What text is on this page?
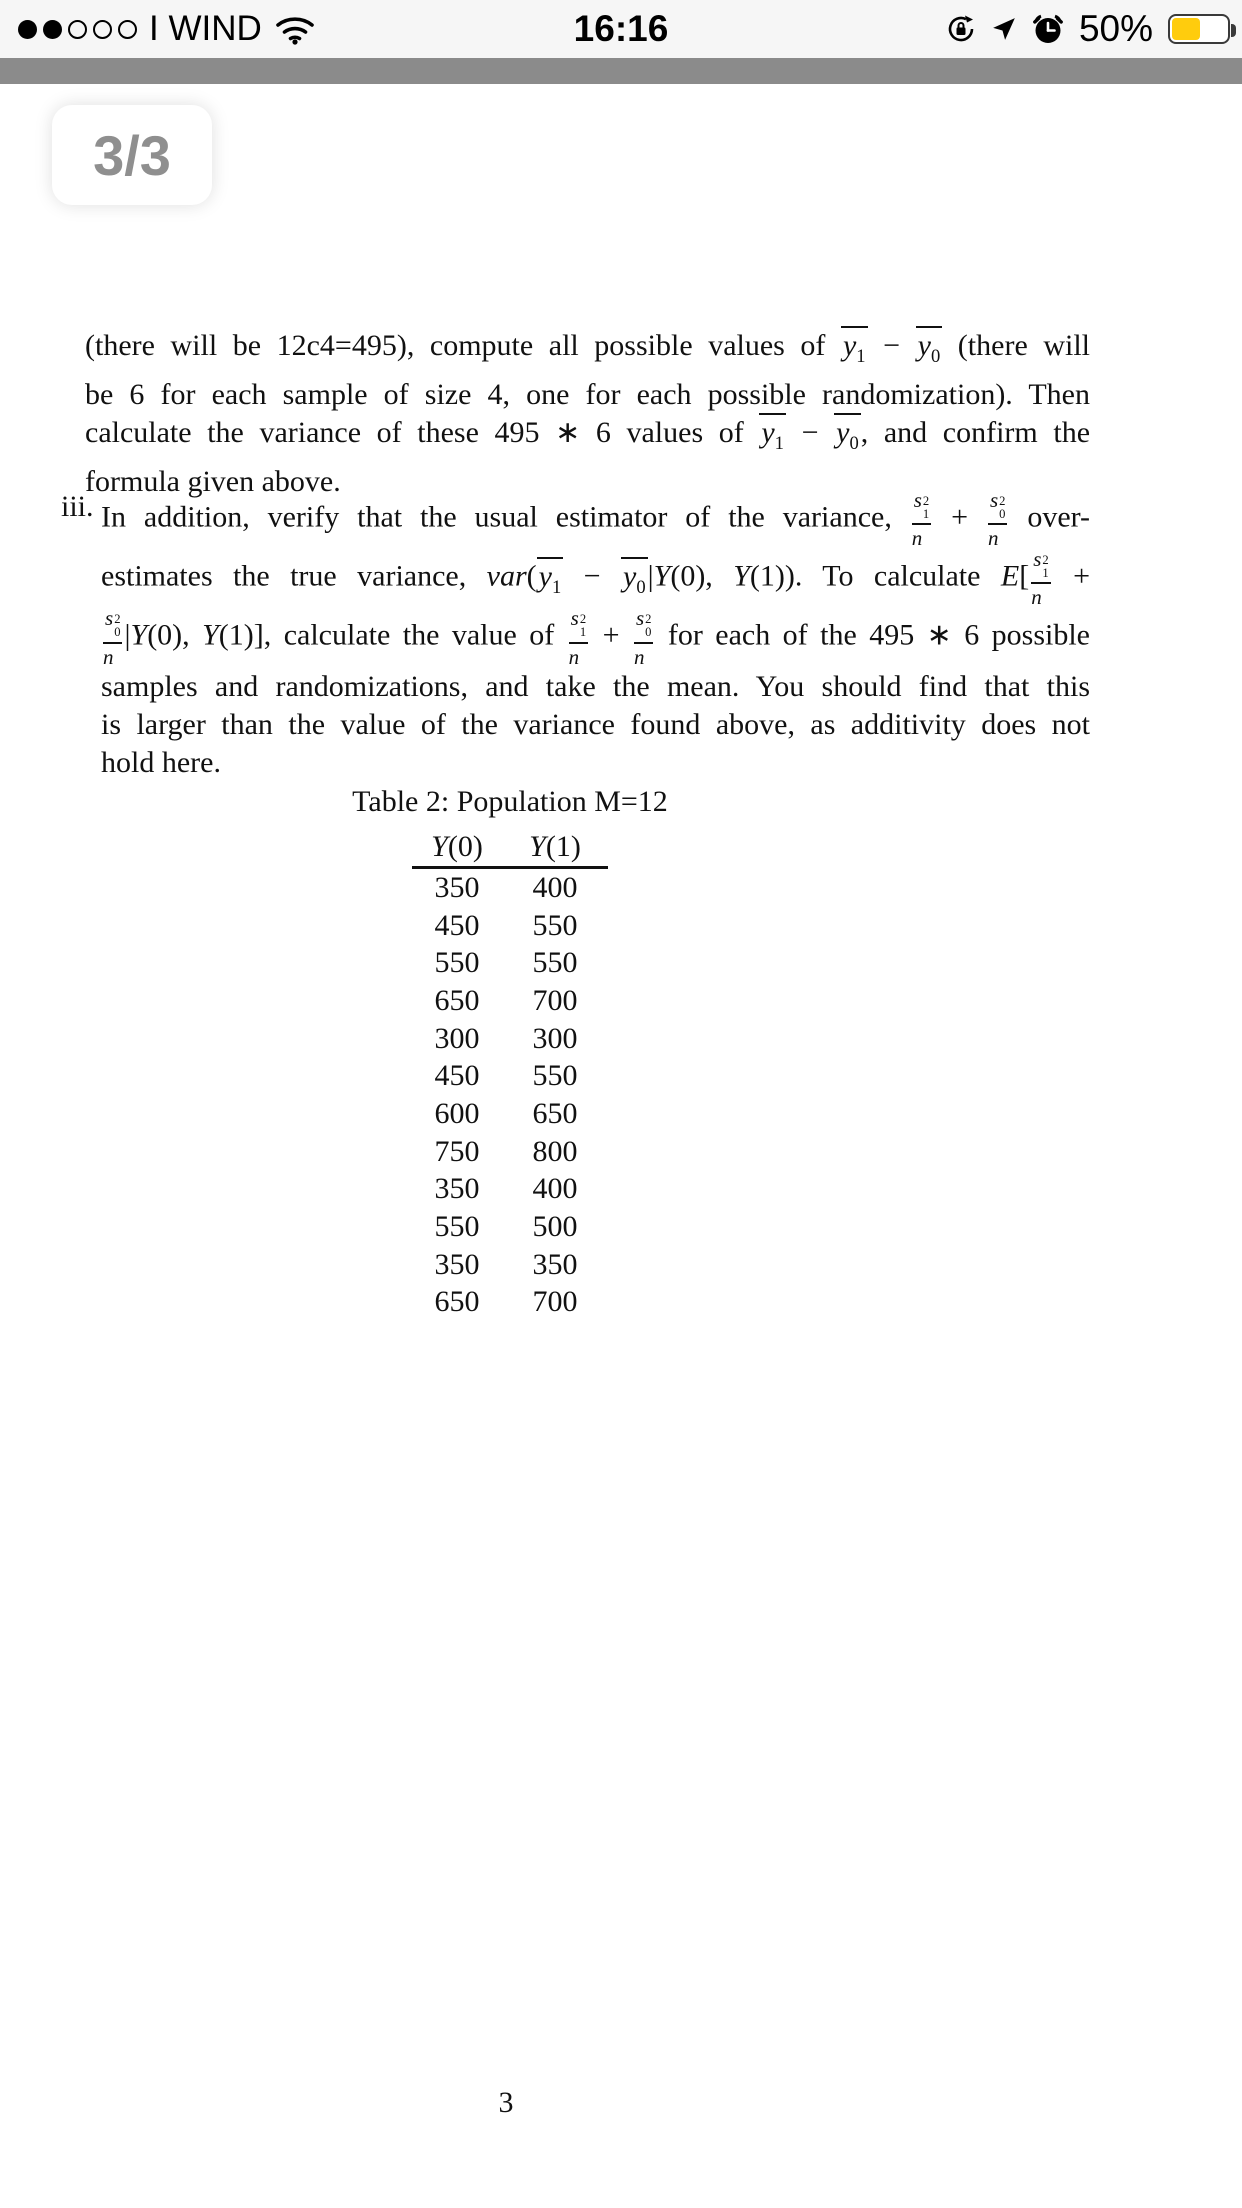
I WIND	16:16	50%
3/3
(there will be 12c4=495), compute all possible values of $y_1 - y_0$ (there will
be 6 for each sample of size 4, one for each possible randomization). Then
calculate the variance of these 495 ∗ 6 values of $y_1 - y_0$, and confirm the
formula given above.
iii. In addition, verify that the usual estimator of the variance, s 2
1
n + s 2
0
n over-
estimates the true variance, $var(y_1 - y_0|Y(0)$, Y(1)). To calculate E[ s 2
1
n +
s 2
0
n |Y(0), Y(1)], calculate the value of s 2
1
n + s 2
0
n for each of the 495 ∗ 6 possible
samples and randomizations, and take the mean. You should find that this
is larger than the value of the variance found above, as additivity does not
hold here.
Table 2: Population M=12
Y(0)	Y(1)
350	400
450	550
550	550
650	700
300	300
450	550
600	650
750	800
350	400
550	500
350	350
650	700
3
